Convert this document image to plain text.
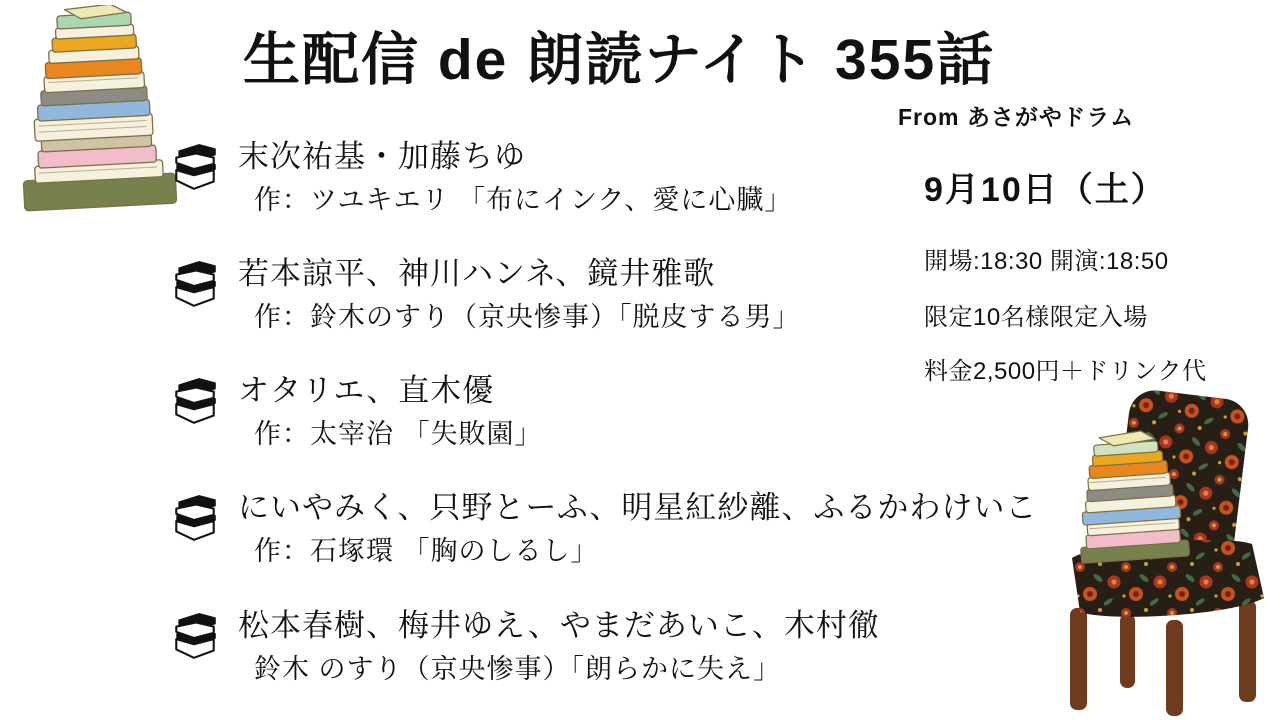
生配信 de 朗読ナイト 355話
From あさがやドラム
末次祐基・加藤ちゆ
作：ツユキエリ 「布にインク、愛に心臓」
若本諒平、神川ハンネ、鏡井雅歌
作：鈴木のすり（京央惨事）「脱皮する男」
オタリエ、直木優
作：太宰治 「失敗園」
にいやみく、只野とーふ、明星紅紗離、ふるかわけいこ
作：石塚環 「胸のしるし」
松本春樹、梅井ゆえ、やまだあいこ、木村徹
鈴木 のすり（京央惨事）「朗らかに失え」
9月10日（土）
開場:18:30 開演:18:50
限定10名様限定入場
料金2,500円＋ドリンク代
